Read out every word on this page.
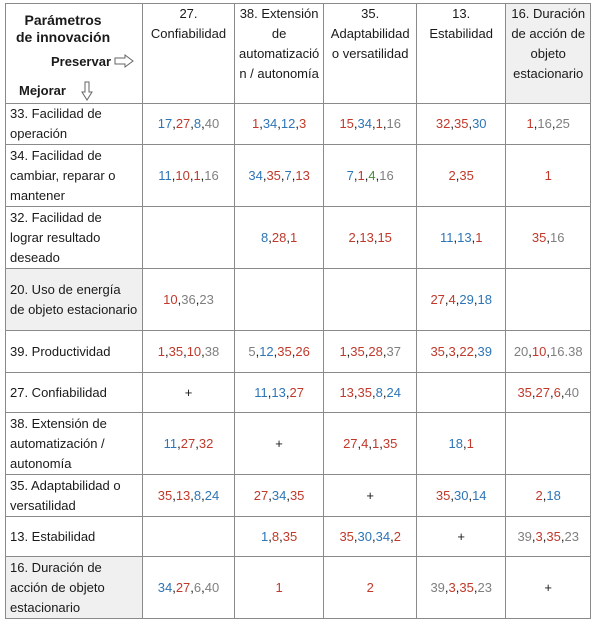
Parámetros
de innovación
Preservar
Mejorar	27. Confiabilidad	38. Extensión de automatizació n / autonomía	35. Adaptabilidad o versatilidad	13. Estabilidad	16. Duración de acción de objeto estacionario
33. Facilidad de operación	17,27,8,40	1,34,12,3	15,34,1,16	32,35,30	1,16,25
34. Facilidad de cambiar, reparar o mantener	11,10,1,16	34,35,7,13	7,1,4,16	2,35	1
32. Facilidad de lograr resultado deseado		8,28,1	2,13,15	11,13,1	35,16
20. Uso de energía de objeto estacionario	10,36,23			27,4,29,18	
39. Productividad	1,35,10,38	5,12,35,26	1,35,28,37	35,3,22,39	20,10,16.38
27. Confiabilidad	+	11,13,27	13,35,8,24		35,27,6,40
38. Extensión de automatización / autonomía	11,27,32	+	27,4,1,35	18,1	
35. Adaptabilidad o versatilidad	35,13,8,24	27,34,35	+	35,30,14	2,18
13. Estabilidad		1,8,35	35,30,34,2	+	39,3,35,23
16. Duración de acción de objeto estacionario	34,27,6,40	1	2	39,3,35,23	+
